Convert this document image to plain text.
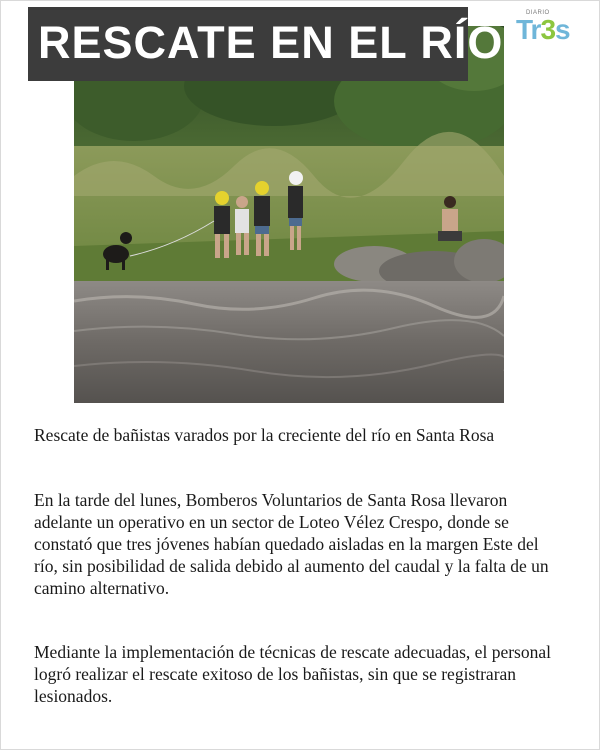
RESCATE EN EL RÍO
DIARIO
Tr3s

Rescate de bañistas varados por la creciente del río en Santa Rosa

En la tarde del lunes, Bomberos Voluntarios de Santa Rosa llevaron adelante un operativo en un sector de Loteo Vélez Crespo, donde se constató que tres jóvenes habían quedado aisladas en la margen Este del río, sin posibilidad de salida debido al aumento del caudal y la falta de un camino alternativo.

Mediante la implementación de técnicas de rescate adecuadas, el personal logró realizar el rescate exitoso de los bañistas, sin que se registraran lesionados.
